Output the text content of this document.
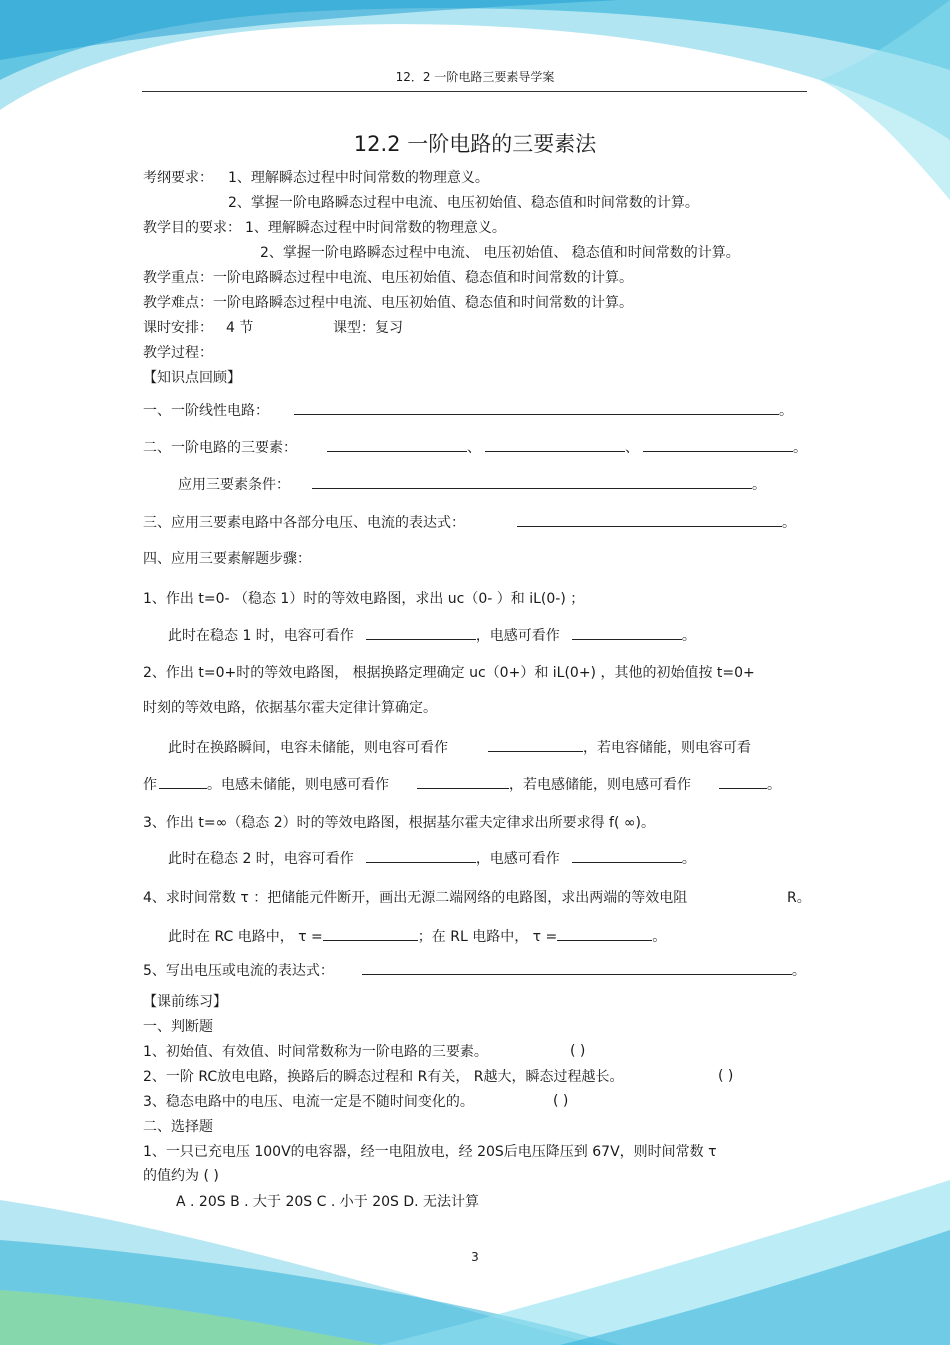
12．2 一阶电路三要素导学案
12.2 一阶电路的三要素法
考纲要求： 1、理解瞬态过程中时间常数的物理意义。
2、掌握一阶电路瞬态过程中电流、电压初始值、稳态值和时间常数的计算。
教学目的要求： 1、理解瞬态过程中时间常数的物理意义。
2、掌握一阶电路瞬态过程中电流、 电压初始值、 稳态值和时间常数的计算。
教学重点：一阶电路瞬态过程中电流、电压初始值、稳态值和时间常数的计算。
教学难点：一阶电路瞬态过程中电流、电压初始值、稳态值和时间常数的计算。
课时安排： 4 节	课型：复习
教学过程：
【知识点回顾】
一、一阶线性电路：	。
二、一阶电路的三要素：	、	、	。
应用三要素条件：	。
三、应用三要素电路中各部分电压、电流的表达式：	。
四、应用三要素解题步骤：
1、作出 t=0- （稳态 1）时的等效电路图，求出 uc（0- ）和 iL(0-) ；
此时在稳态 1 时，电容可看作	，电感可看作	。
2、作出 t=0+时的等效电路图， 根据换路定理确定 uc（0+）和 iL(0+) ，其他的初始值按 t=0+
时刻的等效电路，依据基尔霍夫定律计算确定。
此时在换路瞬间，电容未储能，则电容可看作	，若电容储能，则电容可看
作	。电感未储能，则电感可看作	，若电感储能，则电感可看作	。
3、作出 t=∞（稳态 2）时的等效电路图，根据基尔霍夫定律求出所要求得 f( ∞)。
此时在稳态 2 时，电容可看作	，电感可看作	。
4、求时间常数 τ ：把储能元件断开，画出无源二端网络的电路图，求出两端的等效电阻	R。
此时在 RC 电路中， τ =	；在 RL 电路中， τ =	。
5、写出电压或电流的表达式：	。
【课前练习】
一、判断题
1、初始值、有效值、时间常数称为一阶电路的三要素。	( )
2、一阶 RC放电电路，换路后的瞬态过程和 R有关， R越大，瞬态过程越长。	( )
3、稳态电路中的电压、电流一定是不随时间变化的。	( )
二、选择题
1、一只已充电压 100V的电容器，经一电阻放电，经 20S后电压降压到 67V，则时间常数 τ
的值约为 ( )
A . 20S B . 大于 20S C . 小于 20S D. 无法计算
3
